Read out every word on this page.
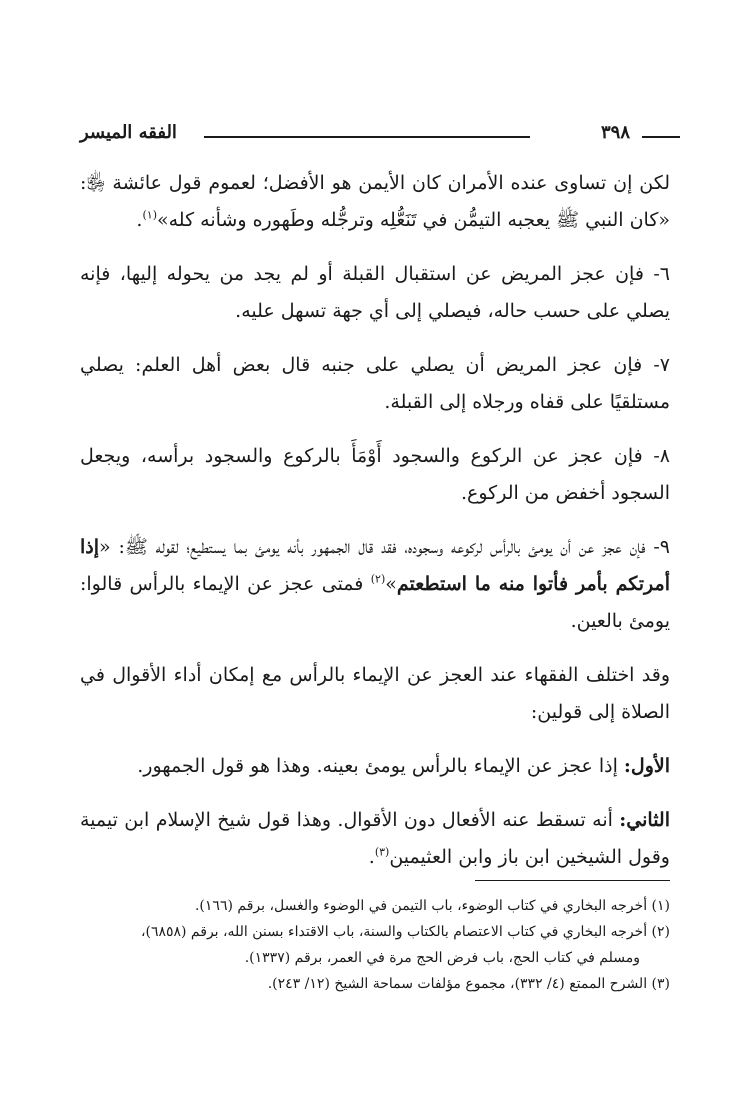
الفقه الميسر	٣٩٨

لكن إن تساوى عنده الأمران كان الأيمن هو الأفضل؛ لعموم قول عائشة ﵂: «كان النبي ﷺ يعجبه التيمُّن في تَنَعُّلِه وترجُّله وطَهوره وشأنه كله»$^{(١)}$.

٦- فإن عجز المريض عن استقبال القبلة أو لم يجد من يحوله إليها، فإنه يصلي على حسب حاله، فيصلي إلى أي جهة تسهل عليه.

٧- فإن عجز المريض أن يصلي على جنبه قال بعض أهل العلم: يصلي مستلقيًا على قفاه ورجلاه إلى القبلة.

٨- فإن عجز عن الركوع والسجود أَوْمَأَ بالركوع والسجود برأسه، ويجعل السجود أخفض من الركوع.

٩- فإن عجز عن أن يومئ بالرأس لركوعه وسجوده، فقد قال الجمهور بأنه يومئ بما يستطيع؛ لقوله ﷺ: «إذا أمرتكم بأمر فأتوا منه ما استطعتم»$^{(٢)}$ فمتى عجز عن الإيماء بالرأس قالوا: يومئ بالعين.

وقد اختلف الفقهاء عند العجز عن الإيماء بالرأس مع إمكان أداء الأقوال في الصلاة إلى قولين:

الأول: إذا عجز عن الإيماء بالرأس يومئ بعينه. وهذا هو قول الجمهور.

الثاني: أنه تسقط عنه الأفعال دون الأقوال. وهذا قول شيخ الإسلام ابن تيمية وقول الشيخين ابن باز وابن العثيمين$^{(٣)}$.

(١) أخرجه البخاري في كتاب الوضوء، باب التيمن في الوضوء والغسل، برقم (١٦٦).

(٢) أخرجه البخاري في كتاب الاعتصام بالكتاب والسنة، باب الاقتداء بسنن الله، برقم (٦٨٥٨)،

ومسلم في كتاب الحج، باب فرض الحج مرة في العمر، برقم (١٣٣٧).

(٣) الشرح الممتع (٤/ ٣٣٢)، مجموع مؤلفات سماحة الشيخ (١٢/ ٢٤٣).
